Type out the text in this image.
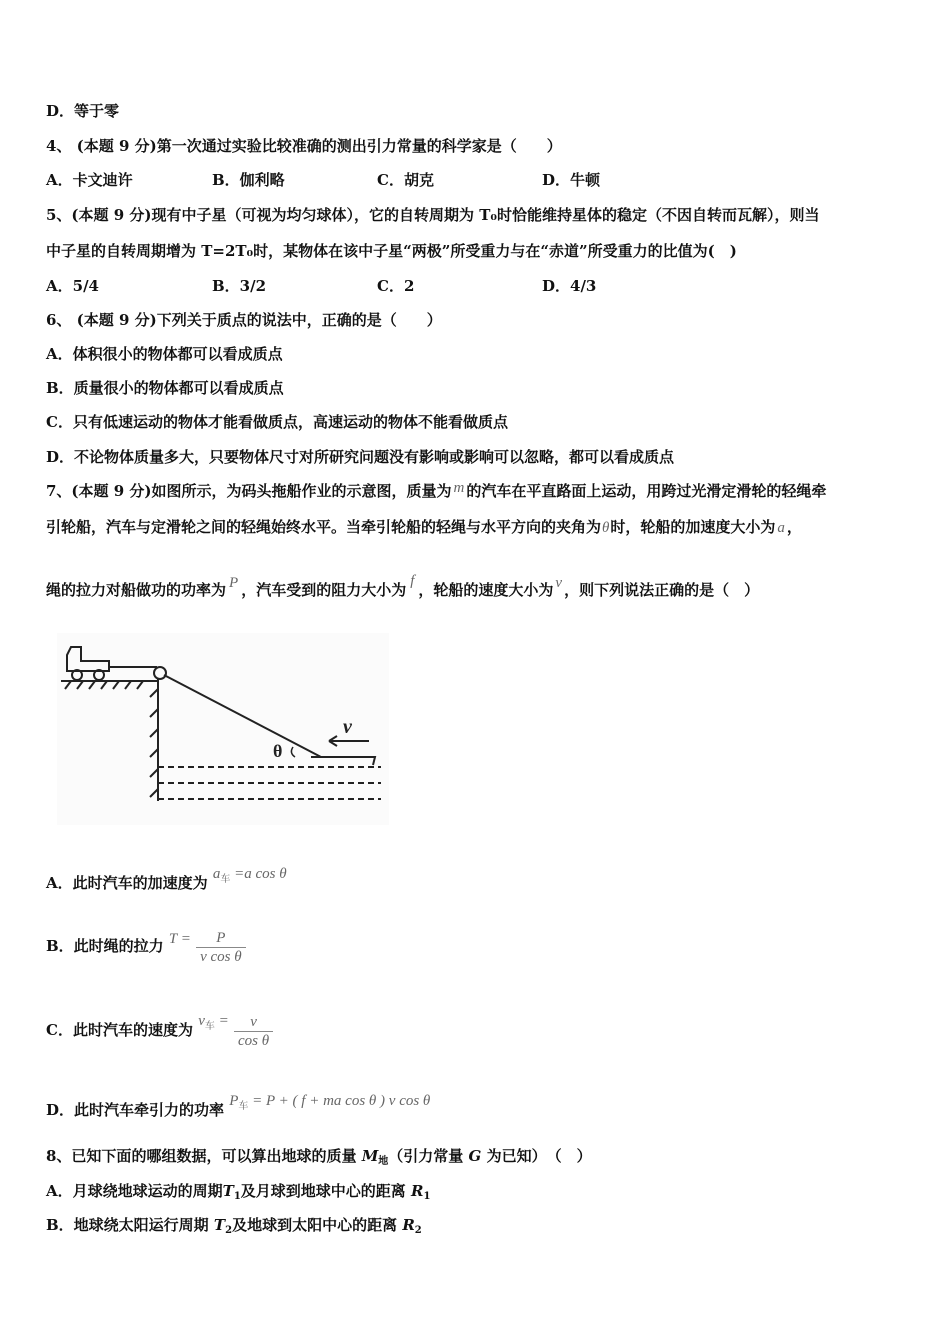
D．等于零
4、 (本题 9 分)第一次通过实验比较准确的测出引力常量的科学家是（　　）
A．卡文迪许	B．伽利略	C．胡克	D．牛顿
5、(本题 9 分)现有中子星（可视为均匀球体），它的自转周期为 T₀时恰能维持星体的稳定（不因自转而瓦解），则当
中子星的自转周期增为 T=2T₀时，某物体在该中子星“两极”所受重力与在“赤道”所受重力的比值为(　)
A．5/4	B．3/2	C．2	D．4/3
6、 (本题 9 分)下列关于质点的说法中，正确的是（　　）
A．体积很小的物体都可以看成质点
B．质量很小的物体都可以看成质点
C．只有低速运动的物体才能看做质点，高速运动的物体不能看做质点
D．不论物体质量多大，只要物体尺寸对所研究问题没有影响或影响可以忽略，都可以看成质点
7、(本题 9 分)如图所示，为码头拖船作业的示意图，质量为 m 的汽车在平直路面上运动，用跨过光滑定滑轮的轻绳牵
引轮船，汽车与定滑轮之间的轻绳始终水平。当牵引轮船的轻绳与水平方向的夹角为θ时，轮船的加速度大小为 a ，
绳的拉力对船做功的功率为 P ，汽车受到的阻力大小为 f ，轮船的速度大小为 v ，则下列说法正确的是（　）
θ
v
A．此时汽车的加速度为 $a_车 =a$ cos θ
B．此时绳的拉力 $T = \frac{P}{\text{v cos θ}}$
C．此时汽车的速度为 $v_车 = \frac{v}{\text{cos θ}}$
D．此时汽车牵引力的功率 $P_车 = P$ + ( f + ma cos θ ) v cos θ
8、已知下面的哪组数据，可以算出地球的质量 $M_地$（引力常量 G 为已知）　（　）
A．月球绕地球运动的周期$T_1$及月球到地球中心的距离 $R_1$
B．地球绕太阳运行周期 $T_2$及地球到太阳中心的距离 $R_2$
